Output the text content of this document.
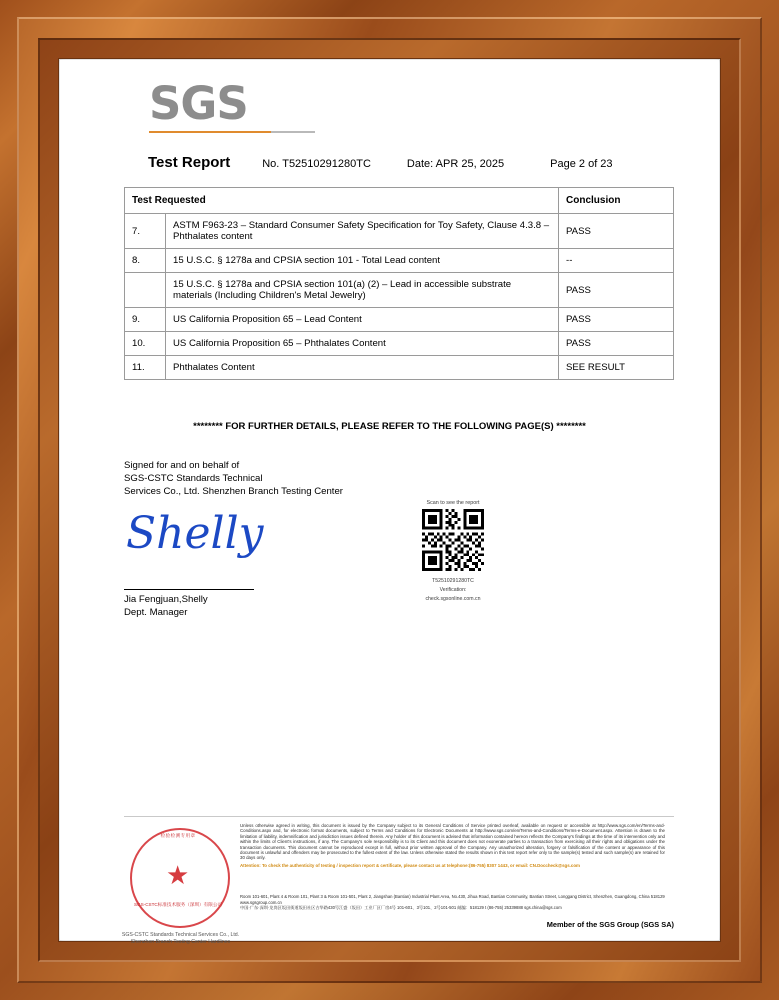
SGS
Test Report	No. T52510291280TC	Date: APR 25, 2025	Page 2 of 23
Test Requested		Conclusion
7.	ASTM F963-23 – Standard Consumer Safety Specification for Toy Safety, Clause 4.3.8 – Phthalates content	PASS
8.	15 U.S.C. § 1278a and CPSIA section 101 - Total Lead content	--
	15 U.S.C. § 1278a and CPSIA section 101(a) (2) – Lead in accessible substrate materials (Including Children's Metal Jewelry)	PASS
9.	US California Proposition 65 – Lead Content	PASS
10.	US California Proposition 65 – Phthalates Content	PASS
11.	Phthalates Content	SEE RESULT
******** FOR FURTHER DETAILS, PLEASE REFER TO THE FOLLOWING PAGE(S) ********
Signed for and on behalf of
SGS-CSTC Standards Technical
Services Co., Ltd. Shenzhen Branch Testing Center
Shelly
Jia Fengjuan,Shelly
Dept. Manager
Scan to see the report
T52510291280TC
Verification:
check.sgsonline.com.cn
检验检测专用章
★
SGS-CSTC标准技术服务（深圳）有限公司
SGS-CSTC Standards Technical Services Co., Ltd.
Shenzhen Branch Testing Center Hardlines
Unless otherwise agreed in writing, this document is issued by the Company subject to its General Conditions of Service printed overleaf, available on request or accessible at http://www.sgs.com/en/Terms-and-Conditions.aspx and, for electronic format documents, subject to Terms and Conditions for Electronic Documents at http://www.sgs.com/en/Terms-and-Conditions/Terms-e-Document.aspx. Attention is drawn to the limitation of liability, indemnification and jurisdiction issues defined therein. Any holder of this document is advised that information contained hereon reflects the Company's findings at the time of its intervention only and within the limits of Client's instructions, if any. The Company's sole responsibility is to its Client and this document does not exonerate parties to a transaction from exercising all their rights and obligations under the transaction documents. This document cannot be reproduced except in full, without prior written approval of the Company. Any unauthorized alteration, forgery or falsification of the content or appearance of this document is unlawful and offenders may be prosecuted to the fullest extent of the law. Unless otherwise stated the results shown in this test report refer only to the sample(s) tested and such sample(s) are retained for 30 days only.
Attention: To check the authenticity of testing / inspection report & certificate, please contact us at telephone:(86-755) 8307 1443, or email: CN.Doccheck@sgs.com
Room 101-601, Plant 4 & Room 101, Plant 3 & Room 101-501, Plant 2, Jiangshan (Bantian) Industrial Plant Area, No.430, Jihua Road, Bantian Community, Bantian Street, Longgang District, Shenzhen, Guangdong, China 518129 www.sgsgroup.com.cn
中国·广东·深圳·龙岗区坂田街道坂田社区吉华路430号江盛（坂田）工业厂区厂房4号 101-601、3号101、2号101-501 邮编：518129 t (86-755) 25339888 sgs.china@sgs.com
Member of the SGS Group (SGS SA)
